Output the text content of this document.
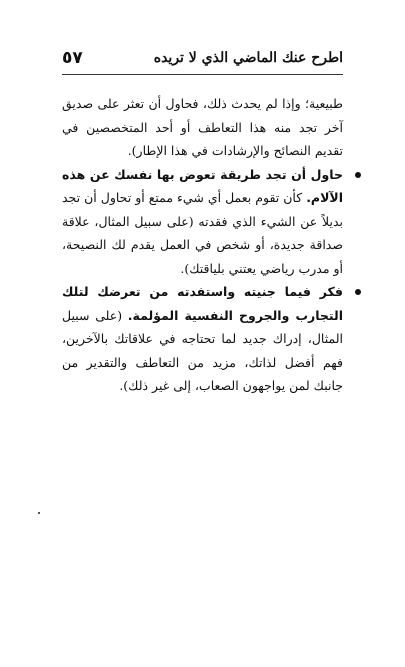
اطرح عنك الماضي الذي لا تريده
٥٧

طبيعية؛ وإذا لم يحدث ذلك، فحاول أن تعثر على صديق آخر تجد منه هذا التعاطف أو أحد المتخصصين في تقديم النصائح والإرشادات في هذا الإطار).

حاول أن تجد طريقة تعوض بها نفسك عن هذه الآلام. كأن تقوم بعمل أي شيء ممتع أو تحاول أن تجد بديلاً عن الشيء الذي فقدته (على سبيل المثال، علاقة صداقة جديدة، أو شخص في العمل يقدم لك النصيحة، أو مدرب رياضي يعتني بلياقتك).

فكر فيما جنيته واستفدته من تعرضك لتلك التجارب والجروح النفسية المؤلمة. (على سبيل المثال، إدراك جديد لما تحتاجه في علاقاتك بالآخرين، فهم أفضل لذاتك، مزيد من التعاطف والتقدير من جانبك لمن يواجهون الصعاب، إلى غير ذلك).
